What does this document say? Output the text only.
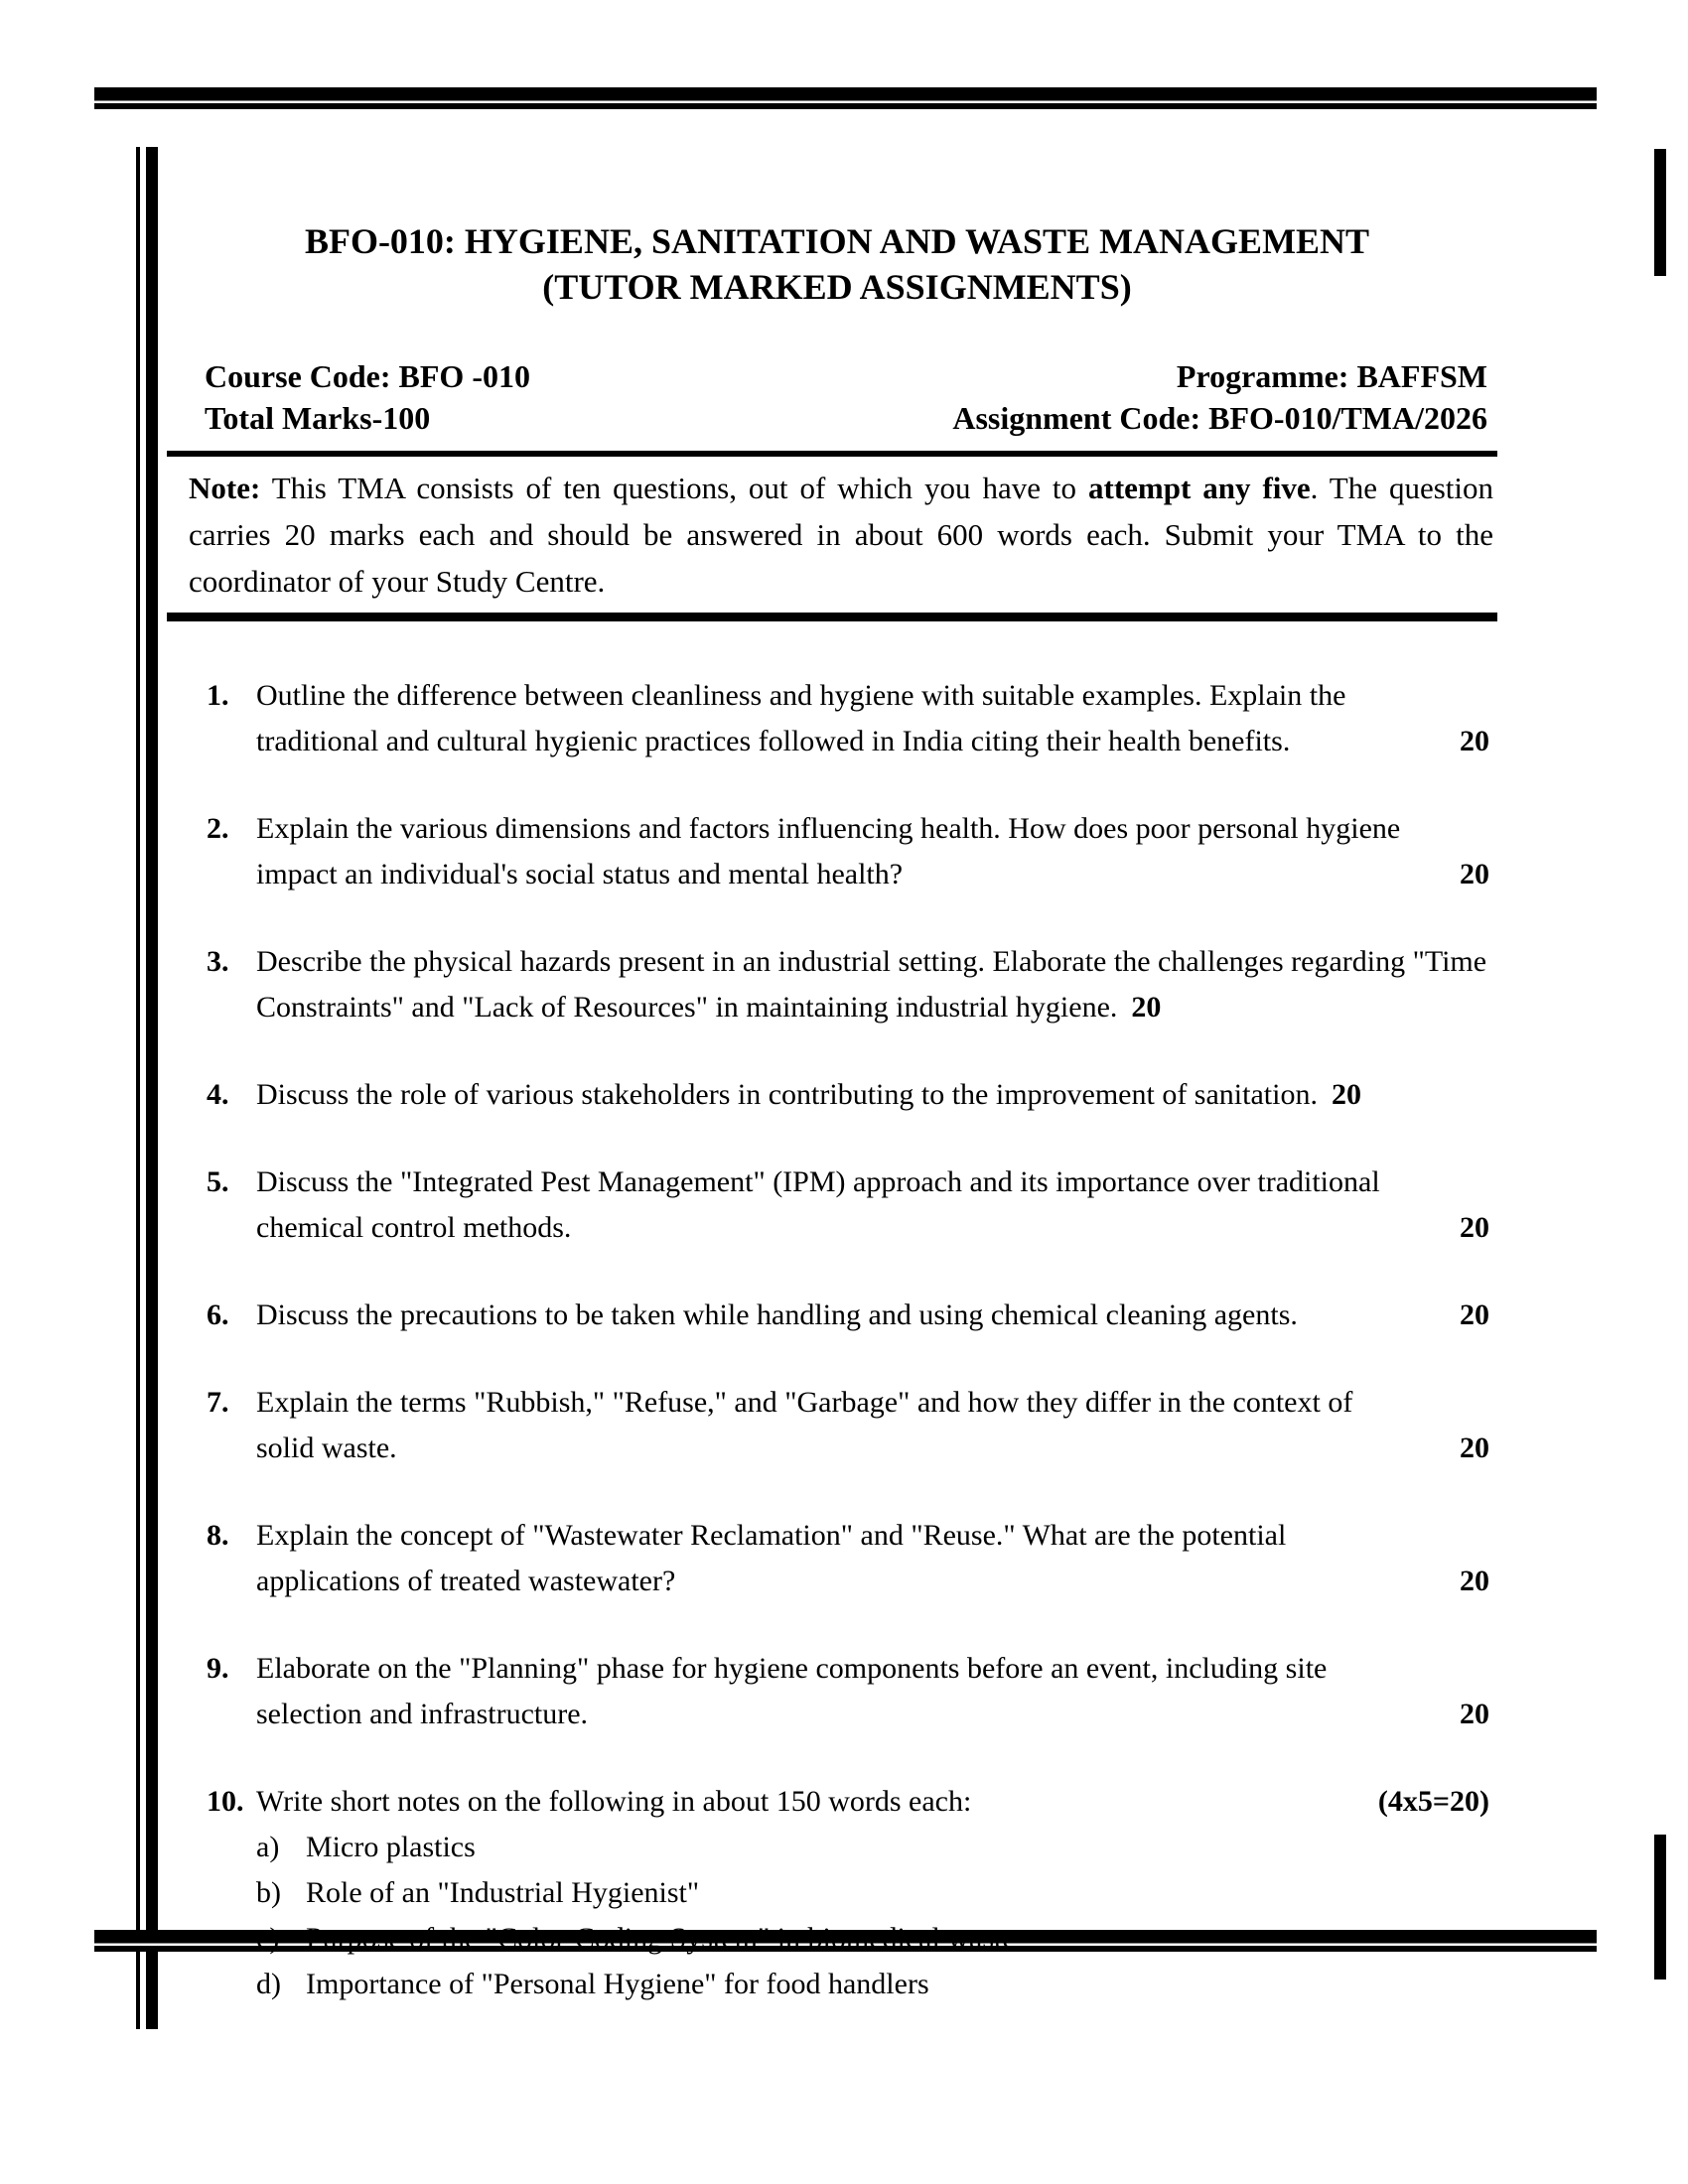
BFO-010: HYGIENE, SANITATION AND WASTE MANAGEMENT
(TUTOR MARKED ASSIGNMENTS)
Course Code: BFO -010	Programme: BAFFSM
Total Marks-100	Assignment Code: BFO-010/TMA/2026
Note: This TMA consists of ten questions, out of which you have to attempt any five. The question carries 20 marks each and should be answered in about 600 words each. Submit your TMA to the coordinator of your Study Centre.
1. Outline the difference between cleanliness and hygiene with suitable examples. Explain the traditional and cultural hygienic practices followed in India citing their health benefits.	20
2. Explain the various dimensions and factors influencing health. How does poor personal hygiene impact an individual's social status and mental health?	20
3. Describe the physical hazards present in an industrial setting. Elaborate the challenges regarding "Time Constraints" and "Lack of Resources" in maintaining industrial hygiene. 20
4. Discuss the role of various stakeholders in contributing to the improvement of sanitation. 20
5. Discuss the "Integrated Pest Management" (IPM) approach and its importance over traditional chemical control methods.	20
6. Discuss the precautions to be taken while handling and using chemical cleaning agents.	20
7. Explain the terms "Rubbish," "Refuse," and "Garbage" and how they differ in the context of solid waste.	20
8. Explain the concept of "Wastewater Reclamation" and "Reuse." What are the potential applications of treated wastewater?	20
9. Elaborate on the "Planning" phase for hygiene components before an event, including site selection and infrastructure.	20
10. Write short notes on the following in about 150 words each:	(4x5=20)
a) Micro plastics
b) Role of an "Industrial Hygienist"
c) Purpose of the "Color-Coding System" in biomedical waste
d) Importance of "Personal Hygiene" for food handlers
